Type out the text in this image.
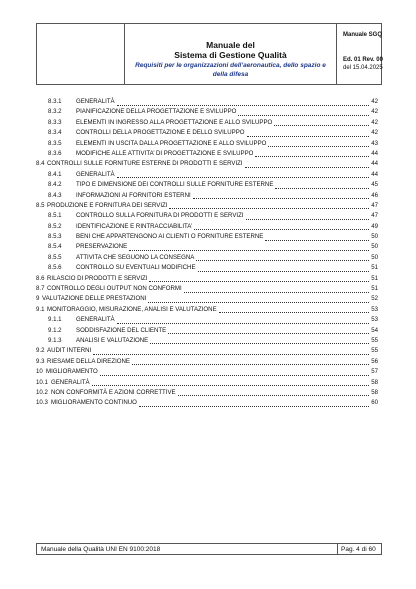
Manuale del
Sistema di Gestione Qualità
Requisiti per le organizzazioni dell’aeronautica, dello spazio e della difesa
Manuale SGQ
Ed. 01 Rev. 00
del 15.04.2025
8.3.1 GENERALITÀ	42
8.3.2 PIANIFICAZIONE DELLA PROGETTAZIONE E SVILUPPO	42
8.3.3 ELEMENTI IN INGRESSO ALLA PROGETTAZIONE E ALLO SVILUPPO	42
8.3.4 CONTROLLI DELLA PROGETTAZIONE E DELLO SVILUPPO	42
8.3.5 ELEMENTI IN USCITA DALLA PROGETTAZIONE E ALLO SVILUPPO	43
8.3.6 MODIFICHE ALLE ATTIVITA’ DI PROGETTAZIONE E SVILUPPO	44
8.4 CONTROLLI SULLE FORNITURE ESTERNE DI PRODOTTI E SERVIZI	44
8.4.1 GENERALITÀ	44
8.4.2 TIPO E DIMENSIONE DEI CONTROLLI SULLE FORNITURE ESTERNE	45
8.4.3 INFORMAZIONI AI FORNITORI ESTERNI	46
8.5 PRODUZIONE E FORNITURA DEI SERVIZI	47
8.5.1 CONTROLLO SULLA FORNITURA DI PRODOTTI E SERVIZI	47
8.5.2 IDENTIFICAZIONE E RINTRACCIABILITA’	49
8.5.3 BENI CHE APPARTENGONO AI CLIENTI O FORNITURE ESTERNE	50
8.5.4 PRESERVAZIONE	50
8.5.5 ATTIVITA CHE SEGUONO LA CONSEGNA	50
8.5.6 CONTROLLO SU EVENTUALI MODIFICHE	51
8.6 RILASCIO DI PRODOTTI E SERVIZI	51
8.7 CONTROLLO DEGLI OUTPUT NON CONFORMI	51
9 VALUTAZIONE DELLE PRESTAZIONI	52
9.1 MONITORAGGIO, MISURAZIONE, ANALISI E VALUTAZIONE	53
9.1.1 GENERALITÀ	53
9.1.2 SODDISFAZIONE DEL CLIENTE	54
9.1.3 ANALISI E VALUTAZIONE	55
9.2 AUDIT INTERNI	55
9.3 RIESAME DELLA DIREZIONE	56
10 MIGLIORAMENTO	57
10.1 GENERALITÀ	58
10.2 NON CONFORMITÀ E AZIONI CORRETTIVE	58
10.3 MIGLIORAMENTO CONTINUO	60
Manuale della Qualità UNI EN 9100:2018	Pag. 4 di 60
